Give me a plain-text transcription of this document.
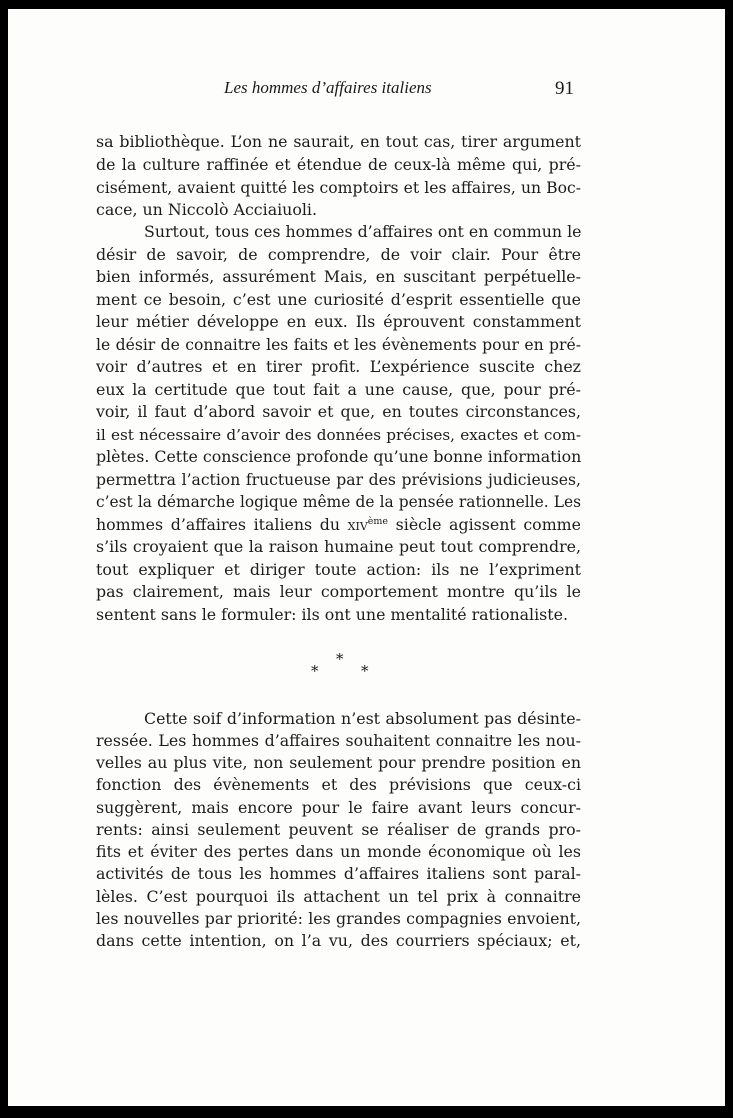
Les hommes d’affaires italiens	91
sa bibliothèque. L’on ne saurait, en tout cas, tirer argument
de la culture raffinée et étendue de ceux-là même qui, pré-
cisément, avaient quitté les comptoirs et les affaires, un Boc-
cace, un Niccolò Acciaiuoli.
Surtout, tous ces hommes d’affaires ont en commun le
désir de savoir, de comprendre, de voir clair. Pour être
bien informés, assurément Mais, en suscitant perpétuelle-
ment ce besoin, c’est une curiosité d’esprit essentielle que
leur métier développe en eux. Ils éprouvent constamment
le désir de connaitre les faits et les évènements pour en pré-
voir d’autres et en tirer profit. L’expérience suscite chez
eux la certitude que tout fait a une cause, que, pour pré-
voir, il faut d’abord savoir et que, en toutes circonstances,
il est nécessaire d’avoir des données précises, exactes et com-
plètes. Cette conscience profonde qu’une bonne information
permettra l’action fructueuse par des prévisions judicieuses,
c’est la démarche logique même de la pensée rationnelle. Les
hommes d’affaires italiens du xiv$^{ème}$ siècle agissent comme
s’ils croyaient que la raison humaine peut tout comprendre,
tout expliquer et diriger toute action: ils ne l’expriment
pas clairement, mais leur comportement montre qu’ils le
sentent sans le formuler: ils ont une mentalité rationaliste.
*
*	*
Cette soif d’information n’est absolument pas désinte-
ressée. Les hommes d’affaires souhaitent connaitre les nou-
velles au plus vite, non seulement pour prendre position en
fonction des évènements et des prévisions que ceux-ci
suggèrent, mais encore pour le faire avant leurs concur-
rents: ainsi seulement peuvent se réaliser de grands pro-
fits et éviter des pertes dans un monde économique où les
activités de tous les hommes d’affaires italiens sont paral-
lèles. C’est pourquoi ils attachent un tel prix à connaitre
les nouvelles par priorité: les grandes compagnies envoient,
dans cette intention, on l’a vu, des courriers spéciaux; et,
